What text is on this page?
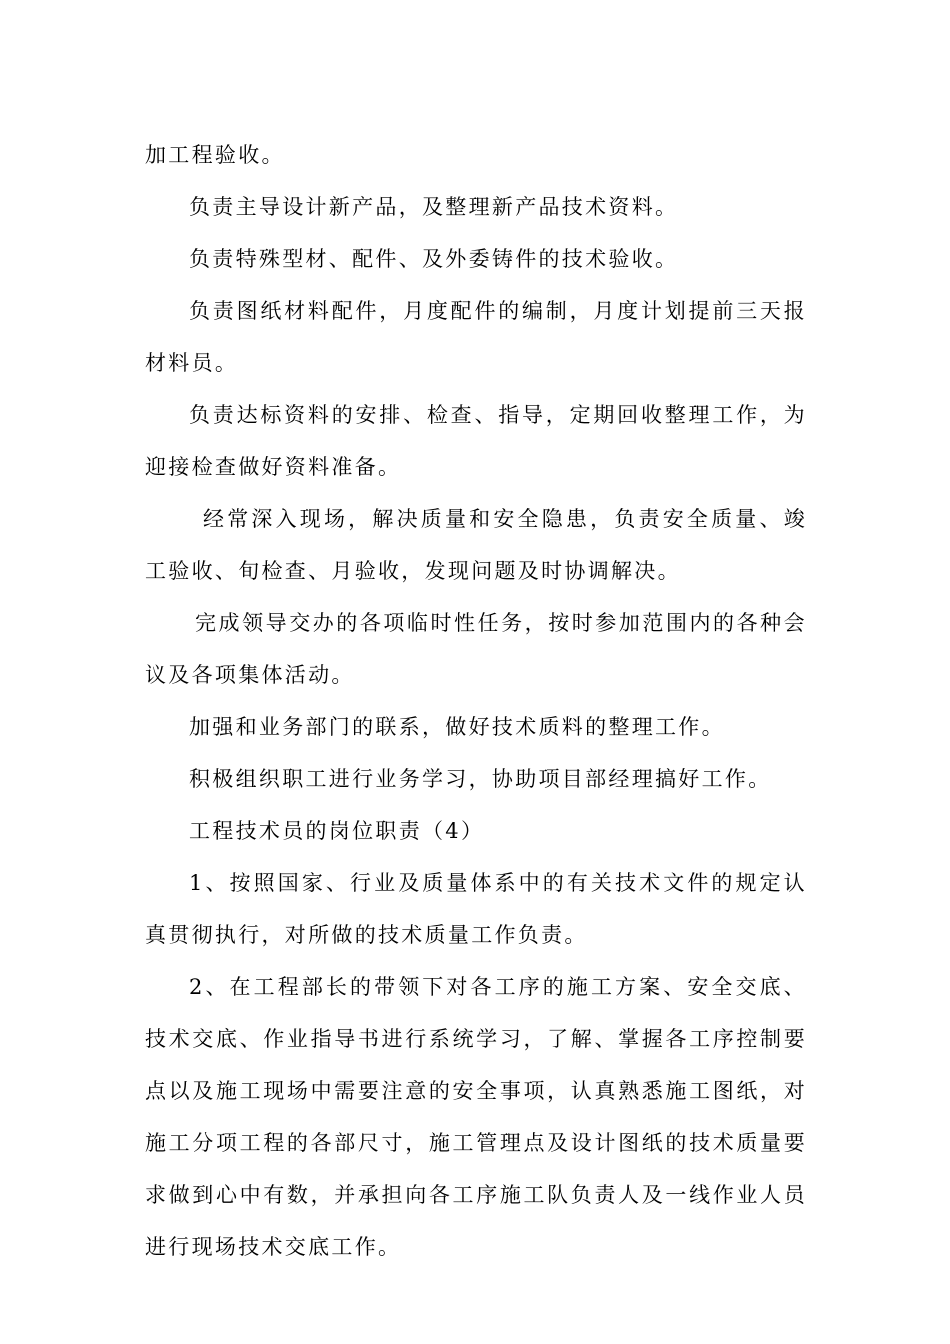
加工程验收。

负责主导设计新产品，及整理新产品技术资料。

负责特殊型材、配件、及外委铸件的技术验收。

负责图纸材料配件，月度配件的编制，月度计划提前三天报材料员。

负责达标资料的安排、检查、指导，定期回收整理工作，为迎接检查做好资料准备。

经常深入现场，解决质量和安全隐患，负责安全质量、竣工验收、旬检查、月验收，发现问题及时协调解决。

完成领导交办的各项临时性任务，按时参加范围内的各种会议及各项集体活动。

加强和业务部门的联系，做好技术质料的整理工作。

积极组织职工进行业务学习，协助项目部经理搞好工作。

工程技术员的岗位职责（4）

1、按照国家、行业及质量体系中的有关技术文件的规定认真贯彻执行，对所做的技术质量工作负责。

2、在工程部长的带领下对各工序的施工方案、安全交底、技术交底、作业指导书进行系统学习，了解、掌握各工序控制要点以及施工现场中需要注意的安全事项，认真熟悉施工图纸，对施工分项工程的各部尺寸，施工管理点及设计图纸的技术质量要求做到心中有数，并承担向各工序施工队负责人及一线作业人员进行现场技术交底工作。
